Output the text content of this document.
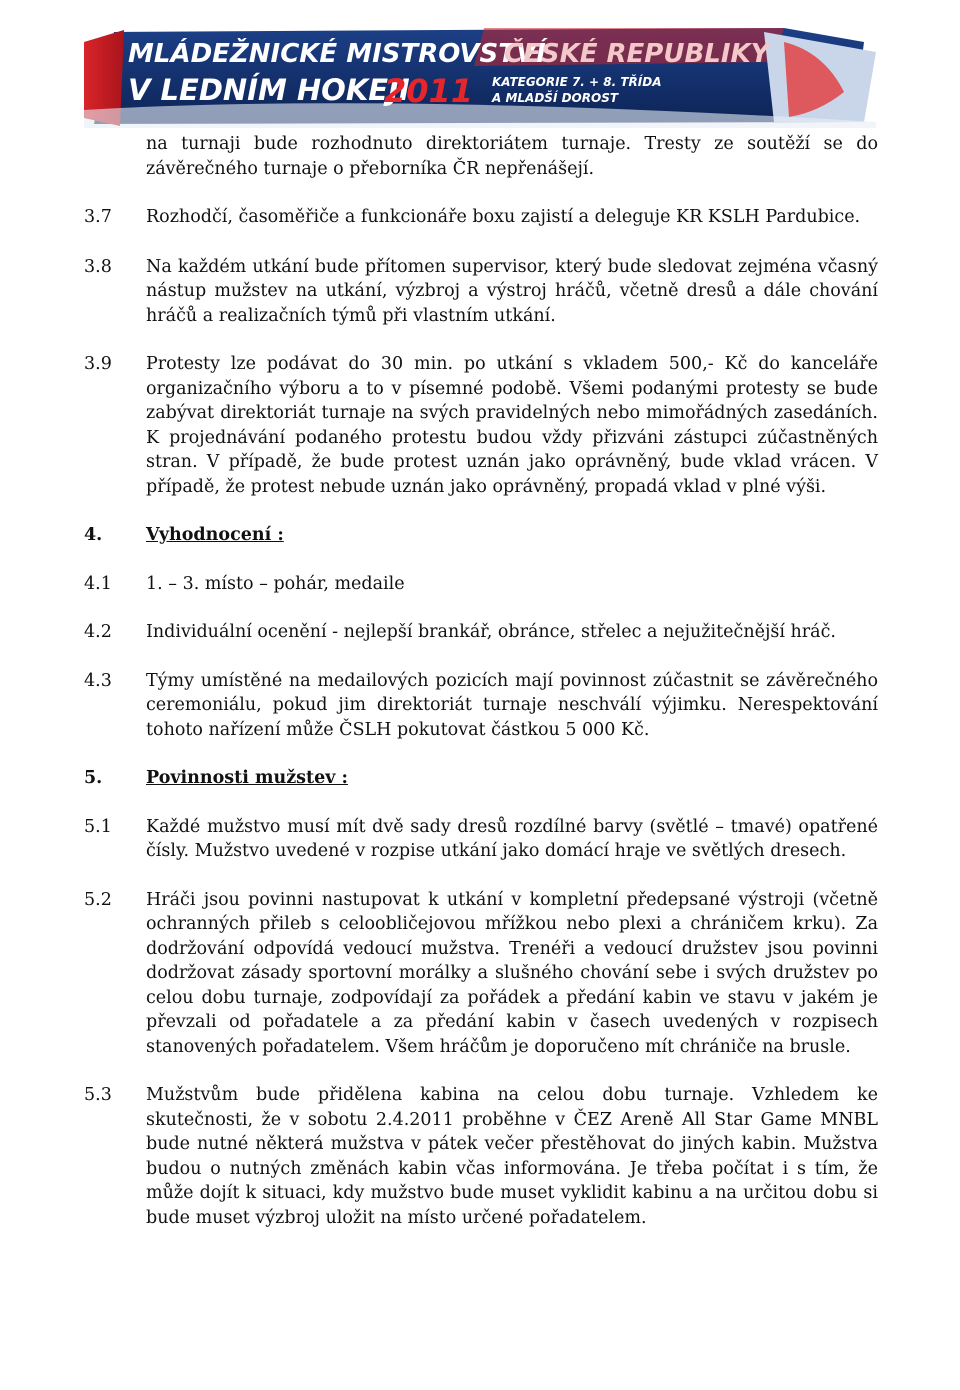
MLÁDEŽNICKÉ MISTROVSTVÍ
ČESKÉ REPUBLIKY
V LEDNÍM HOKEJI
2011 KATEGORIE 7. + 8. TŘÍDA
A MLADŠÍ DOROST
na turnaji bude rozhodnuto direktoriátem turnaje. Tresty ze soutěží se do závěrečného turnaje o přeborníka ČR nepřenášejí.
3.7	Rozhodčí, časoměřiče a funkcionáře boxu zajistí a deleguje KR KSLH Pardubice.
3.8	Na každém utkání bude přítomen supervisor, který bude sledovat zejména včasný nástup mužstev na utkání, výzbroj a výstroj hráčů, včetně dresů a dále chování hráčů a realizačních týmů při vlastním utkání.
3.9	Protesty lze podávat do 30 min. po utkání s vkladem 500,- Kč do kanceláře organizačního výboru a to v písemné podobě. Všemi podanými protesty se bude zabývat direktoriát turnaje na svých pravidelných nebo mimořádných zasedáních. K projednávání podaného protestu budou vždy přizváni zástupci zúčastněných stran. V případě, že bude protest uznán jako oprávněný, bude vklad vrácen. V případě, že protest nebude uznán jako oprávněný, propadá vklad v plné výši.
4.	Vyhodnocení :
4.1	1. – 3. místo – pohár, medaile
4.2	Individuální ocenění - nejlepší brankář, obránce, střelec a nejužitečnější hráč.
4.3	Týmy umístěné na medailových pozicích mají povinnost zúčastnit se závěrečného ceremoniálu, pokud jim direktoriát turnaje neschválí výjimku. Nerespektování tohoto nařízení může ČSLH pokutovat částkou 5 000 Kč.
5.	Povinnosti mužstev :
5.1	Každé mužstvo musí mít dvě sady dresů rozdílné barvy (světlé – tmavé) opatřené čísly. Mužstvo uvedené v rozpise utkání jako domácí hraje ve světlých dresech.
5.2	Hráči jsou povinni nastupovat k utkání v kompletní předepsané výstroji (včetně ochranných přileb s celoobličejovou mřížkou nebo plexi a chráničem krku). Za dodržování odpovídá vedoucí mužstva. Trenéři a vedoucí družstev jsou povinni dodržovat zásady sportovní morálky a slušného chování sebe i svých družstev po celou dobu turnaje, zodpovídají za pořádek a předání kabin ve stavu v jakém je převzali od pořadatele a za předání kabin v časech uvedených v rozpisech stanovených pořadatelem. Všem hráčům je doporučeno mít chrániče na brusle.
5.3	Mužstvům bude přidělena kabina na celou dobu turnaje. Vzhledem ke skutečnosti, že v sobotu 2.4.2011 proběhne v ČEZ Areně All Star Game MNBL bude nutné některá mužstva v pátek večer přestěhovat do jiných kabin. Mužstva budou o nutných změnách kabin včas informována. Je třeba počítat i s tím, že může dojít k situaci, kdy mužstvo bude muset vyklidit kabinu a na určitou dobu si bude muset výzbroj uložit na místo určené pořadatelem.
